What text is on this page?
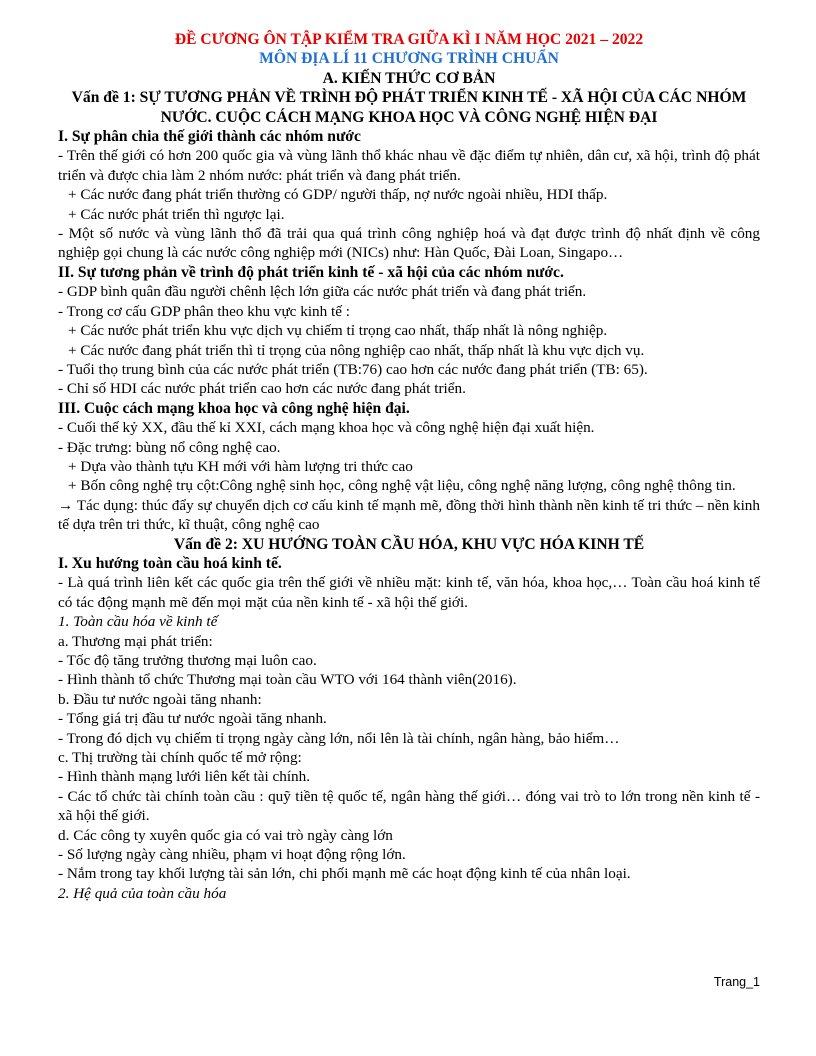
ĐỀ CƯƠNG ÔN TẬP KIỂM TRA GIỮA KÌ I NĂM HỌC 2021 – 2022
MÔN ĐỊA LÍ 11 CHƯƠNG TRÌNH CHUẨN
A. KIẾN THỨC CƠ BẢN
Vấn đề 1: SỰ TƯƠNG PHẢN VỀ TRÌNH ĐỘ PHÁT TRIỂN KINH TẾ - XÃ HỘI CỦA CÁC NHÓM NƯỚC. CUỘC CÁCH MẠNG KHOA HỌC VÀ CÔNG NGHỆ HIỆN ĐẠI
I. Sự phân chia thế giới thành các nhóm nước
- Trên thế giới có hơn 200 quốc gia và vùng lãnh thổ khác nhau về đặc điểm tự nhiên, dân cư, xã hội, trình độ phát triển và được chia làm 2 nhóm nước: phát triển và đang phát triển.
+ Các nước đang phát triển thường có GDP/ người thấp, nợ nước ngoài nhiều, HDI thấp.
+ Các nước phát triển thì ngược lại.
- Một số nước và vùng lãnh thổ đã trải qua quá trình công nghiệp hoá và đạt được trình độ nhất định về công nghiệp gọi chung là các nước công nghiệp mới (NICs) như: Hàn Quốc, Đài Loan, Singapo…
II. Sự tương phản về trình độ phát triển kinh tế - xã hội của các nhóm nước.
- GDP bình quân đầu người chênh lệch lớn giữa các nước phát triển và đang phát triển.
- Trong cơ cấu GDP phân theo khu vực kinh tế :
+ Các nước phát triển khu vực dịch vụ chiếm tỉ trọng cao nhất, thấp nhất là nông nghiệp.
+ Các nước đang phát triển thì tỉ trọng của nông nghiệp cao nhất, thấp nhất là khu vực dịch vụ.
- Tuổi thọ trung bình của các nước phát triển (TB:76) cao hơn các nước đang phát triển (TB: 65).
- Chỉ số HDI các nước phát triển cao hơn các nước đang phát triển.
III. Cuộc cách mạng khoa học và công nghệ hiện đại.
- Cuối thế kỷ XX, đầu thế kỉ XXI, cách mạng khoa học và công nghệ hiện đại xuất hiện.
- Đặc trưng: bùng nổ công nghệ cao.
+ Dựa vào thành tựu KH mới với hàm lượng tri thức cao
+ Bốn công nghệ trụ cột:Công nghệ sinh học, công nghệ vật liệu, công nghệ năng lượng, công nghệ thông tin.
→ Tác dụng: thúc đẩy sự chuyển dịch cơ cấu kinh tế mạnh mẽ, đồng thời hình thành nền kinh tế tri thức – nền kinh tế dựa trên tri thức, kĩ thuật, công nghệ cao
Vấn đề 2: XU HƯỚNG TOÀN CẦU HÓA, KHU VỰC HÓA KINH TẾ
I. Xu hướng toàn cầu hoá kinh tế.
- Là quá trình liên kết các quốc gia trên thế giới về nhiều mặt: kinh tế, văn hóa, khoa học,… Toàn cầu hoá kinh tế có tác động mạnh mẽ đến mọi mặt của nền kinh tế - xã hội thế giới.
1. Toàn cầu hóa về kinh tế
a. Thương mại phát triển:
- Tốc độ tăng trưởng thương mại luôn cao.
- Hình thành tổ chức Thương mại toàn cầu WTO với 164 thành viên(2016).
b. Đầu tư nước ngoài tăng nhanh:
- Tổng giá trị đầu tư nước ngoài tăng nhanh.
- Trong đó dịch vụ chiếm tỉ trọng ngày càng lớn, nổi lên là tài chính, ngân hàng, bảo hiểm…
c. Thị trường tài chính quốc tế mở rộng:
- Hình thành mạng lưới liên kết tài chính.
- Các tổ chức tài chính toàn cầu : quỹ tiền tệ quốc tế, ngân hàng thế giới… đóng vai trò to lớn trong nền kinh tế - xã hội thế giới.
d. Các công ty xuyên quốc gia có vai trò ngày càng lớn
- Số lượng ngày càng nhiều, phạm vi hoạt động rộng lớn.
- Nắm trong tay khối lượng tài sản lớn, chi phối mạnh mẽ các hoạt động kinh tế của nhân loại.
2. Hệ quả của toàn cầu hóa
Trang_1
